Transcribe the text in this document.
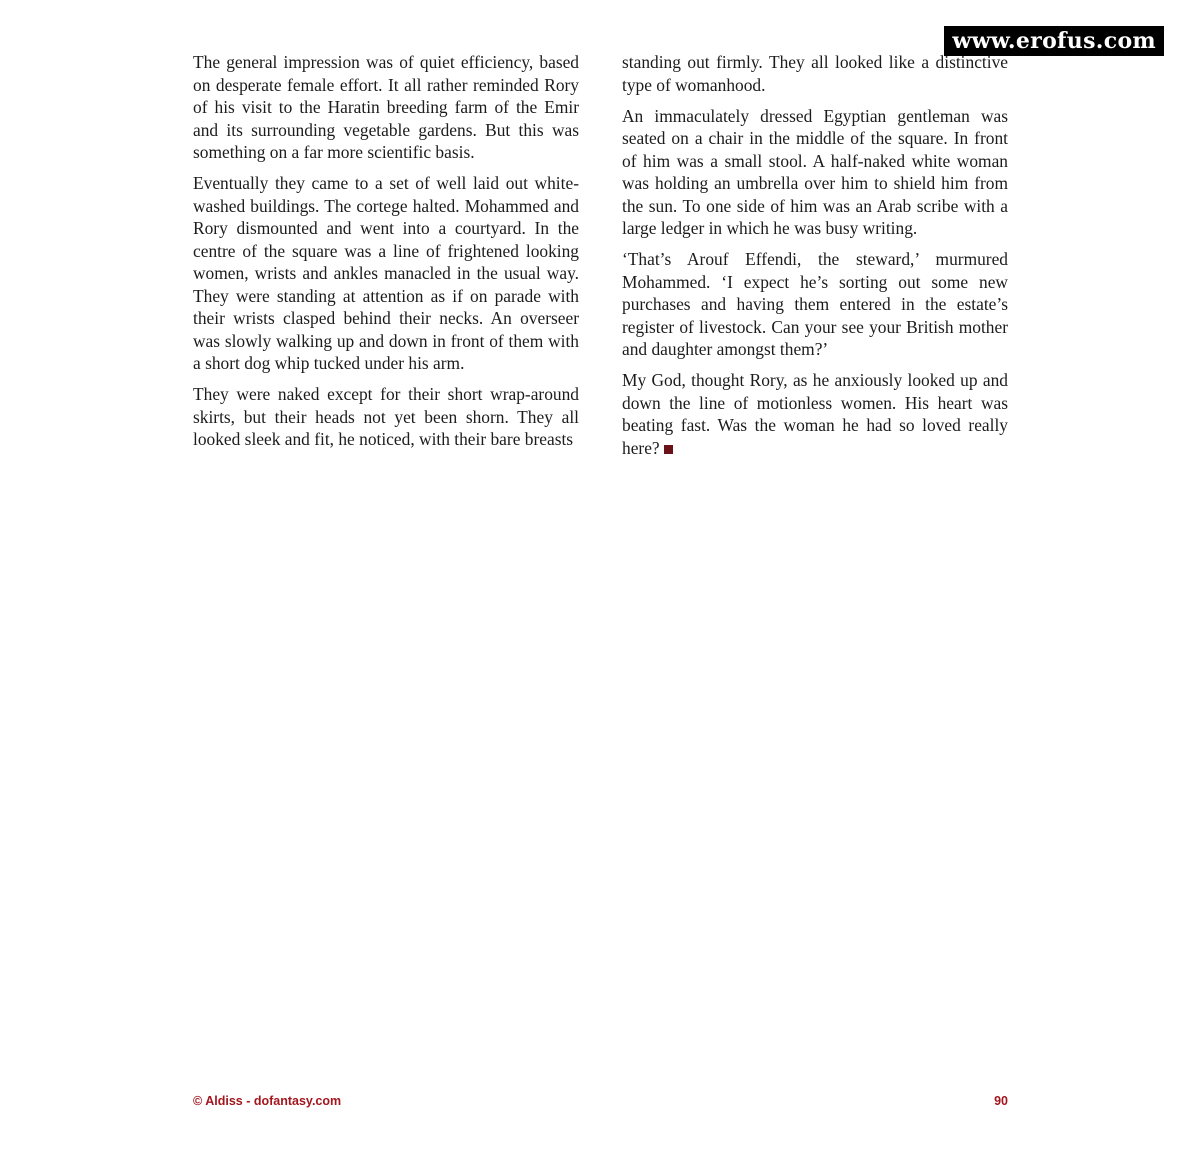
www.erofus.com

The general impression was of quiet efficiency, based on desperate female effort. It all rather reminded Rory of his visit to the Haratin breeding farm of the Emir and its surrounding vegetable gardens. But this was something on a far more scientific basis.

Eventually they came to a set of well laid out white-washed buildings. The cortege halted. Mohammed and Rory dismounted and went into a courtyard. In the centre of the square was a line of frightened looking women, wrists and ankles manacled in the usual way. They were standing at attention as if on parade with their wrists clasped behind their necks. An overseer was slowly walking up and down in front of them with a short dog whip tucked under his arm.

They were naked except for their short wrap-around skirts, but their heads not yet been shorn. They all looked sleek and fit, he noticed, with their bare breasts

standing out firmly. They all looked like a distinctive type of womanhood.

An immaculately dressed Egyptian gentleman was seated on a chair in the middle of the square. In front of him was a small stool. A half-naked white woman was holding an umbrella over him to shield him from the sun. To one side of him was an Arab scribe with a large ledger in which he was busy writing.

‘That’s Arouf Effendi, the steward,’ murmured Mohammed. ‘I expect he’s sorting out some new purchases and having them entered in the estate’s register of livestock. Can your see your British mother and daughter amongst them?’

My God, thought Rory, as he anxiously looked up and down the line of motionless women. His heart was beating fast. Was the woman he had so loved really here?

© Aldiss - dofantasy.com	90
